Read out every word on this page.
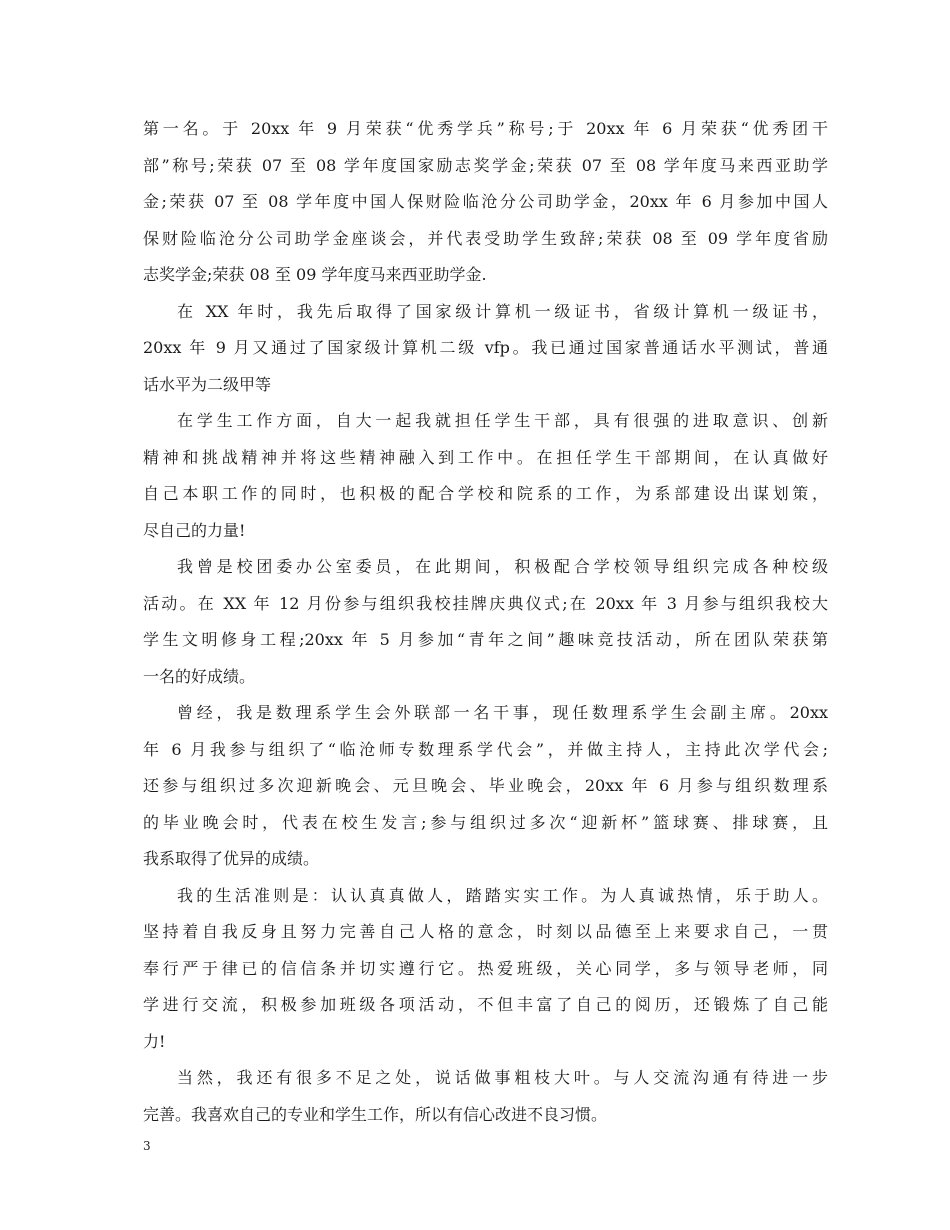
第一名。于 20xx 年 9 月荣获“优秀学兵”称号;于 20xx 年 6 月荣获“优秀团干
部”称号;荣获 07 至 08 学年度国家励志奖学金;荣获 07 至 08 学年度马来西亚助学
金;荣获 07 至 08 学年度中国人保财险临沧分公司助学金，20xx 年 6 月参加中国人
保财险临沧分公司助学金座谈会，并代表受助学生致辞;荣获 08 至 09 学年度省励
志奖学金;荣获 08 至 09 学年度马来西亚助学金.
在 XX 年时，我先后取得了国家级计算机一级证书，省级计算机一级证书，
20xx 年 9 月又通过了国家级计算机二级 vfp。我已通过国家普通话水平测试，普通
话水平为二级甲等
在学生工作方面，自大一起我就担任学生干部，具有很强的进取意识、创新
精神和挑战精神并将这些精神融入到工作中。在担任学生干部期间，在认真做好
自己本职工作的同时，也积极的配合学校和院系的工作，为系部建设出谋划策，
尽自己的力量!
我曾是校团委办公室委员，在此期间，积极配合学校领导组织完成各种校级
活动。在 XX 年 12 月份参与组织我校挂牌庆典仪式;在 20xx 年 3 月参与组织我校大
学生文明修身工程;20xx 年 5 月参加“青年之间”趣味竞技活动，所在团队荣获第
一名的好成绩。
曾经，我是数理系学生会外联部一名干事，现任数理系学生会副主席。20xx
年 6 月我参与组织了“临沧师专数理系学代会”，并做主持人，主持此次学代会;
还参与组织过多次迎新晚会、元旦晚会、毕业晚会，20xx 年 6 月参与组织数理系
的毕业晚会时，代表在校生发言;参与组织过多次“迎新杯”篮球赛、排球赛，且
我系取得了优异的成绩。
我的生活准则是：认认真真做人，踏踏实实工作。为人真诚热情，乐于助人。
坚持着自我反身且努力完善自己人格的意念，时刻以品德至上来要求自己，一贯
奉行严于律已的信信条并切实遵行它。热爱班级，关心同学，多与领导老师，同
学进行交流，积极参加班级各项活动，不但丰富了自己的阅历，还锻炼了自己能
力!
当然，我还有很多不足之处，说话做事粗枝大叶。与人交流沟通有待进一步
完善。我喜欢自己的专业和学生工作，所以有信心改进不良习惯。
3
